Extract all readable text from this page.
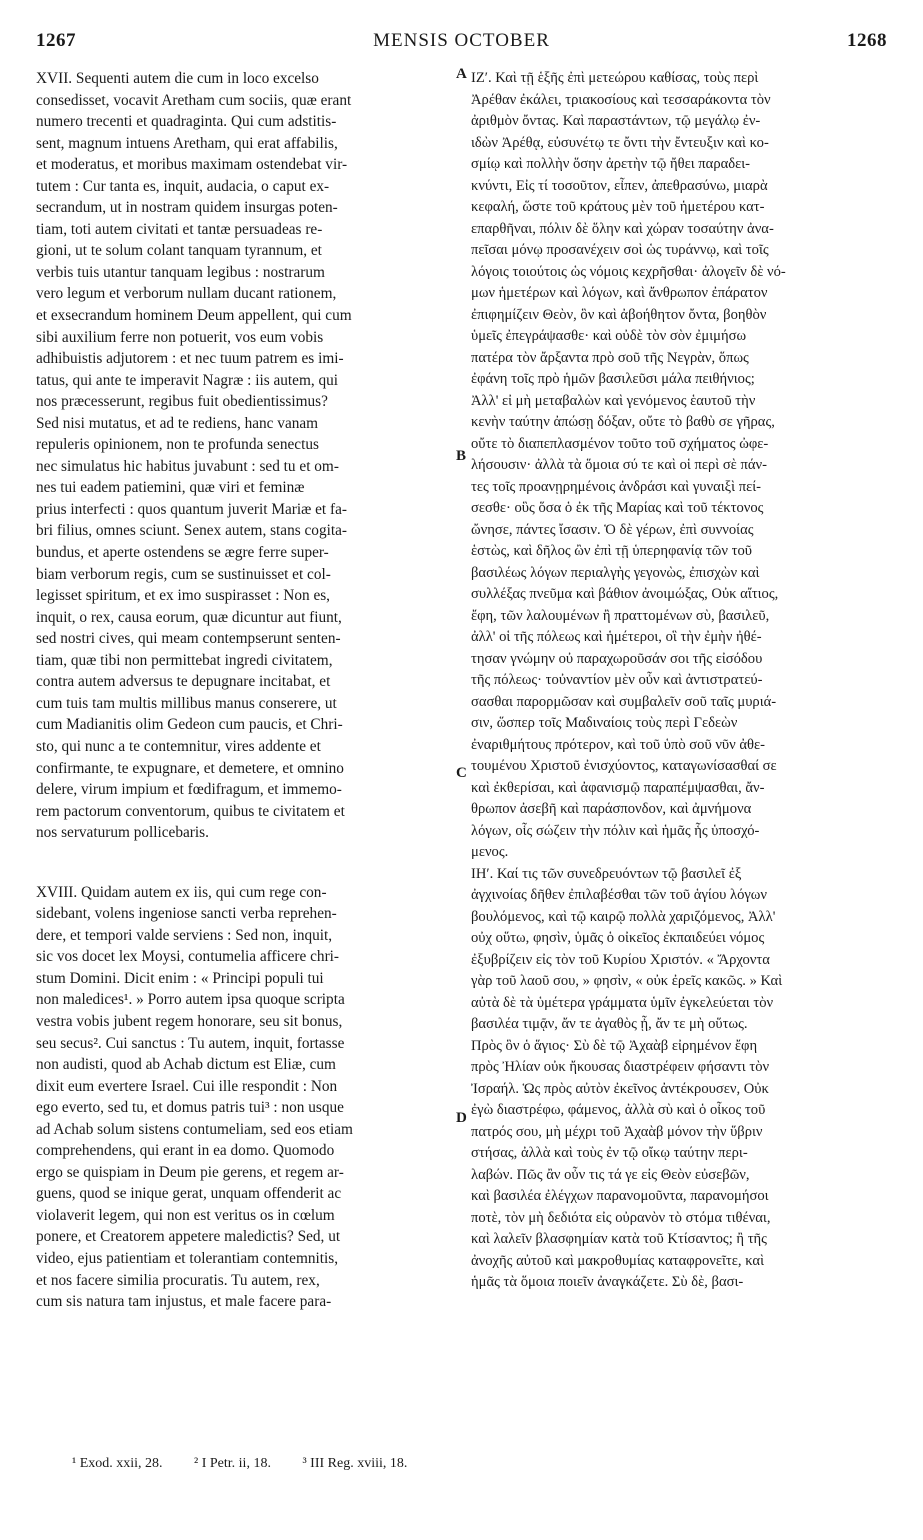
1267	MENSIS OCTOBER	1268
XVII. Sequenti autem die cum in loco excelso
consedisset, vocavit Aretham cum sociis, quæ erant
numero trecenti et quadraginta. Qui cum adstitis-
sent, magnum intuens Aretham, qui erat affabilis,
et moderatus, et moribus maximam ostendebat vir-
tutem : Cur tanta es, inquit, audacia, o caput ex-
secrandum, ut in nostram quidem insurgas poten-
tiam, toti autem civitati et tantæ persuadeas re-
gioni, ut te solum colant tanquam tyrannum, et
verbis tuis utantur tanquam legibus : nostrarum
vero legum et verborum nullam ducant rationem,
et exsecrandum hominem Deum appellent, qui cum
sibi auxilium ferre non potuerit, vos eum vobis
adhibuistis adjutorem : et nec tuum patrem es imi-
tatus, qui ante te imperavit Nagræ : iis autem, qui
nos præcesserunt, regibus fuit obedientissimus?
Sed nisi mutatus, et ad te rediens, hanc vanam
repuleris opinionem, non te profunda senectus
nec simulatus hic habitus juvabunt : sed tu et om-
nes tui eadem patiemini, quæ viri et feminæ
prius interfecti : quos quantum juverit Mariæ et fa-
bri filius, omnes sciunt. Senex autem, stans cogita-
bundus, et aperte ostendens se ægre ferre super-
biam verborum regis, cum se sustinuisset et col-
legisset spiritum, et ex imo suspirasset : Non es,
inquit, o rex, causa eorum, quæ dicuntur aut fiunt,
sed nostri cives, qui meam contempserunt senten-
tiam, quæ tibi non permittebat ingredi civitatem,
contra autem adversus te depugnare incitabat, et
cum tuis tam multis millibus manus conserere, ut
cum Madianitis olim Gedeon cum paucis, et Chri-
sto, qui nunc a te contemnitur, vires addente et
confirmante, te expugnare, et demetere, et omnino
delere, virum impium et fœdifragum, et immemo-
rem pactorum conventorum, quibus te civitatem et
nos servaturum pollicebaris.
XVIII. Quidam autem ex iis, qui cum rege con-
sidebant, volens ingeniose sancti verba reprehen-
dere, et tempori valde serviens : Sed non, inquit,
sic vos docet lex Moysi, contumelia afficere chri-
stum Domini. Dicit enim : « Principi populi tui
non maledices¹. » Porro autem ipsa quoque scripta
vestra vobis jubent regem honorare, seu sit bonus,
seu secus². Cui sanctus : Tu autem, inquit, fortasse
non audisti, quod ab Achab dictum est Eliæ, cum
dixit eum evertere Israel. Cui ille respondit : Non
ego everto, sed tu, et domus patris tui³ : non usque
ad Achab solum sistens contumeliam, sed eos etiam
comprehendens, qui erant in ea domo. Quomodo
ergo se quispiam in Deum pie gerens, et regem ar-
guens, quod se inique gerat, unquam offenderit ac
violaverit legem, qui non est veritus os in cœlum
ponere, et Creatorem appetere maledictis? Sed, ut
video, ejus patientiam et tolerantiam contemnitis,
et nos facere similia procuratis. Tu autem, rex,
cum sis natura tam injustus, et male facere para-
A
B
C
D
ΙΖʹ. Καὶ τῇ ἑξῆς ἐπὶ μετεώρου καθίσας, τοὺς περὶ
Ἀρέθαν ἐκάλει, τριακοσίους καὶ τεσσαράκοντα τὸν
ἀριθμὸν ὄντας. Καὶ παραστάντων, τῷ μεγάλῳ ἐν-
ιδὼν Ἀρέθᾳ, εὐσυνέτῳ τε ὄντι τὴν ἔντευξιν καὶ κο-
σμίῳ καὶ πολλὴν ὅσην ἀρετὴν τῷ ἤθει παραδει-
κνύντι, Εἰς τί τοσοῦτον, εἶπεν, ἀπεθρασύνω, μιαρὰ
κεφαλή, ὥστε τοῦ κράτους μὲν τοῦ ἡμετέρου κατ-
επαρθῆναι, πόλιν δὲ ὅλην καὶ χώραν τοσαύτην ἀνα-
πεῖσαι μόνῳ προσανέχειν σοὶ ὡς τυράννῳ, καὶ τοῖς
λόγοις τοιούτοις ὡς νόμοις κεχρῆσθαι· ἀλογεῖν δὲ νό-
μων ἡμετέρων καὶ λόγων, καὶ ἄνθρωπον ἐπάρατον
ἐπιφημίζειν Θεὸν, ὃν καὶ ἀβοήθητον ὄντα, βοηθὸν
ὑμεῖς ἐπεγράψασθε· καὶ οὐδὲ τὸν σὸν ἐμιμήσω
πατέρα τὸν ἄρξαντα πρὸ σοῦ τῆς Νεγρὰν, ὅπως
ἐφάνη τοῖς πρὸ ἡμῶν βασιλεῦσι μάλα πειθήνιος;
Ἀλλ' εἰ μὴ μεταβαλὼν καὶ γενόμενος ἑαυτοῦ τὴν
κενὴν ταύτην ἀπώσῃ δόξαν, οὔτε τὸ βαθὺ σε γῆρας,
οὔτε τὸ διαπεπλασμένον τοῦτο τοῦ σχήματος ὠφε-
λήσουσιν· ἀλλὰ τὰ ὅμοια σύ τε καὶ οἱ περὶ σὲ πάν-
τες τοῖς προανῃρημένοις ἀνδράσι καὶ γυναιξὶ πεί-
σεσθε· οὓς ὅσα ὁ ἐκ τῆς Μαρίας καὶ τοῦ τέκτονος
ὤνησε, πάντες ἴσασιν. Ὁ δὲ γέρων, ἐπὶ συννοίας
ἑστὼς, καὶ δῆλος ὢν ἐπὶ τῇ ὑπερηφανίᾳ τῶν τοῦ
βασιλέως λόγων περιαλγὴς γεγονὼς, ἐπισχὼν καὶ
συλλέξας πνεῦμα καὶ βάθιον ἀνοιμώξας, Οὐκ αἴτιος,
ἔφη, τῶν λαλουμένων ἢ πραττομένων σὺ, βασιλεῦ,
ἀλλ' οἱ τῆς πόλεως καὶ ἡμέτεροι, οἳ τὴν ἐμὴν ἠθέ-
τησαν γνώμην οὐ παραχωροῦσάν σοι τῆς εἰσόδου
τῆς πόλεως· τοὐναντίον μὲν οὖν καὶ ἀντιστρατεύ-
σασθαι παρορμῶσαν καὶ συμβαλεῖν σοῦ ταῖς μυριά-
σιν, ὥσπερ τοῖς Μαδιναίοις τοὺς περὶ Γεδεὼν
ἐναριθμήτους πρότερον, καὶ τοῦ ὑπὸ σοῦ νῦν ἀθε-
τουμένου Χριστοῦ ἐνισχύοντος, καταγωνίσασθαί σε
καὶ ἐκθερίσαι, καὶ ἀφανισμῷ παραπέμψασθαι, ἄν-
θρωπον ἀσεβῆ καὶ παράσπονδον, καὶ ἀμνήμονα
λόγων, οἷς σώζειν τὴν πόλιν καὶ ἡμᾶς ἧς ὑποσχό-
μενος.
ΙΗʹ. Καί τις τῶν συνεδρευόντων τῷ βασιλεῖ ἐξ
ἀγχινοίας δῆθεν ἐπιλαβέσθαι τῶν τοῦ ἁγίου λόγων
βουλόμενος, καὶ τῷ καιρῷ πολλὰ χαριζόμενος, Ἀλλ'
οὐχ οὕτω, φησὶν, ὑμᾶς ὁ οἰκεῖος ἐκπαιδεύει νόμος
ἐξυβρίζειν εἰς τὸν τοῦ Κυρίου Χριστόν. « Ἄρχοντα
γὰρ τοῦ λαοῦ σου, » φησὶν, « οὐκ ἐρεῖς κακῶς. » Καὶ
αὐτὰ δὲ τὰ ὑμέτερα γράμματα ὑμῖν ἐγκελεύεται τὸν
βασιλέα τιμᾷν, ἄν τε ἀγαθὸς ᾖ, ἄν τε μὴ οὕτως.
Πρὸς ὃν ὁ ἅγιος· Σὺ δὲ τῷ Ἀχαὰβ εἰρημένον ἔφη
πρὸς Ἠλίαν οὐκ ἤκουσας διαστρέφειν φήσαντι τὸν
Ἰσραήλ. Ὡς πρὸς αὐτὸν ἐκεῖνος ἀντέκρουσεν, Οὐκ
ἐγὼ διαστρέφω, φάμενος, ἀλλὰ σὺ καὶ ὁ οἶκος τοῦ
πατρός σου, μὴ μέχρι τοῦ Ἀχαὰβ μόνον τὴν ὕβριν
στήσας, ἀλλὰ καὶ τοὺς ἐν τῷ οἴκῳ ταύτην περι-
λαβών. Πῶς ἂν οὖν τις τά γε εἰς Θεὸν εὐσεβῶν,
καὶ βασιλέα ἐλέγχων παρανομοῦντα, παρανομήσοι
ποτὲ, τὸν μὴ δεδιότα εἰς οὐρανὸν τὸ στόμα τιθέναι,
καὶ λαλεῖν βλασφημίαν κατὰ τοῦ Κτίσαντος; ἢ τῆς
ἀνοχῆς αὐτοῦ καὶ μακροθυμίας καταφρονεῖτε, καὶ
ἡμᾶς τὰ ὅμοια ποιεῖν ἀναγκάζετε. Σὺ δὲ, βασι-
¹ Exod. xxii, 28. ² I Petr. ii, 18. ³ III Reg. xviii, 18.
